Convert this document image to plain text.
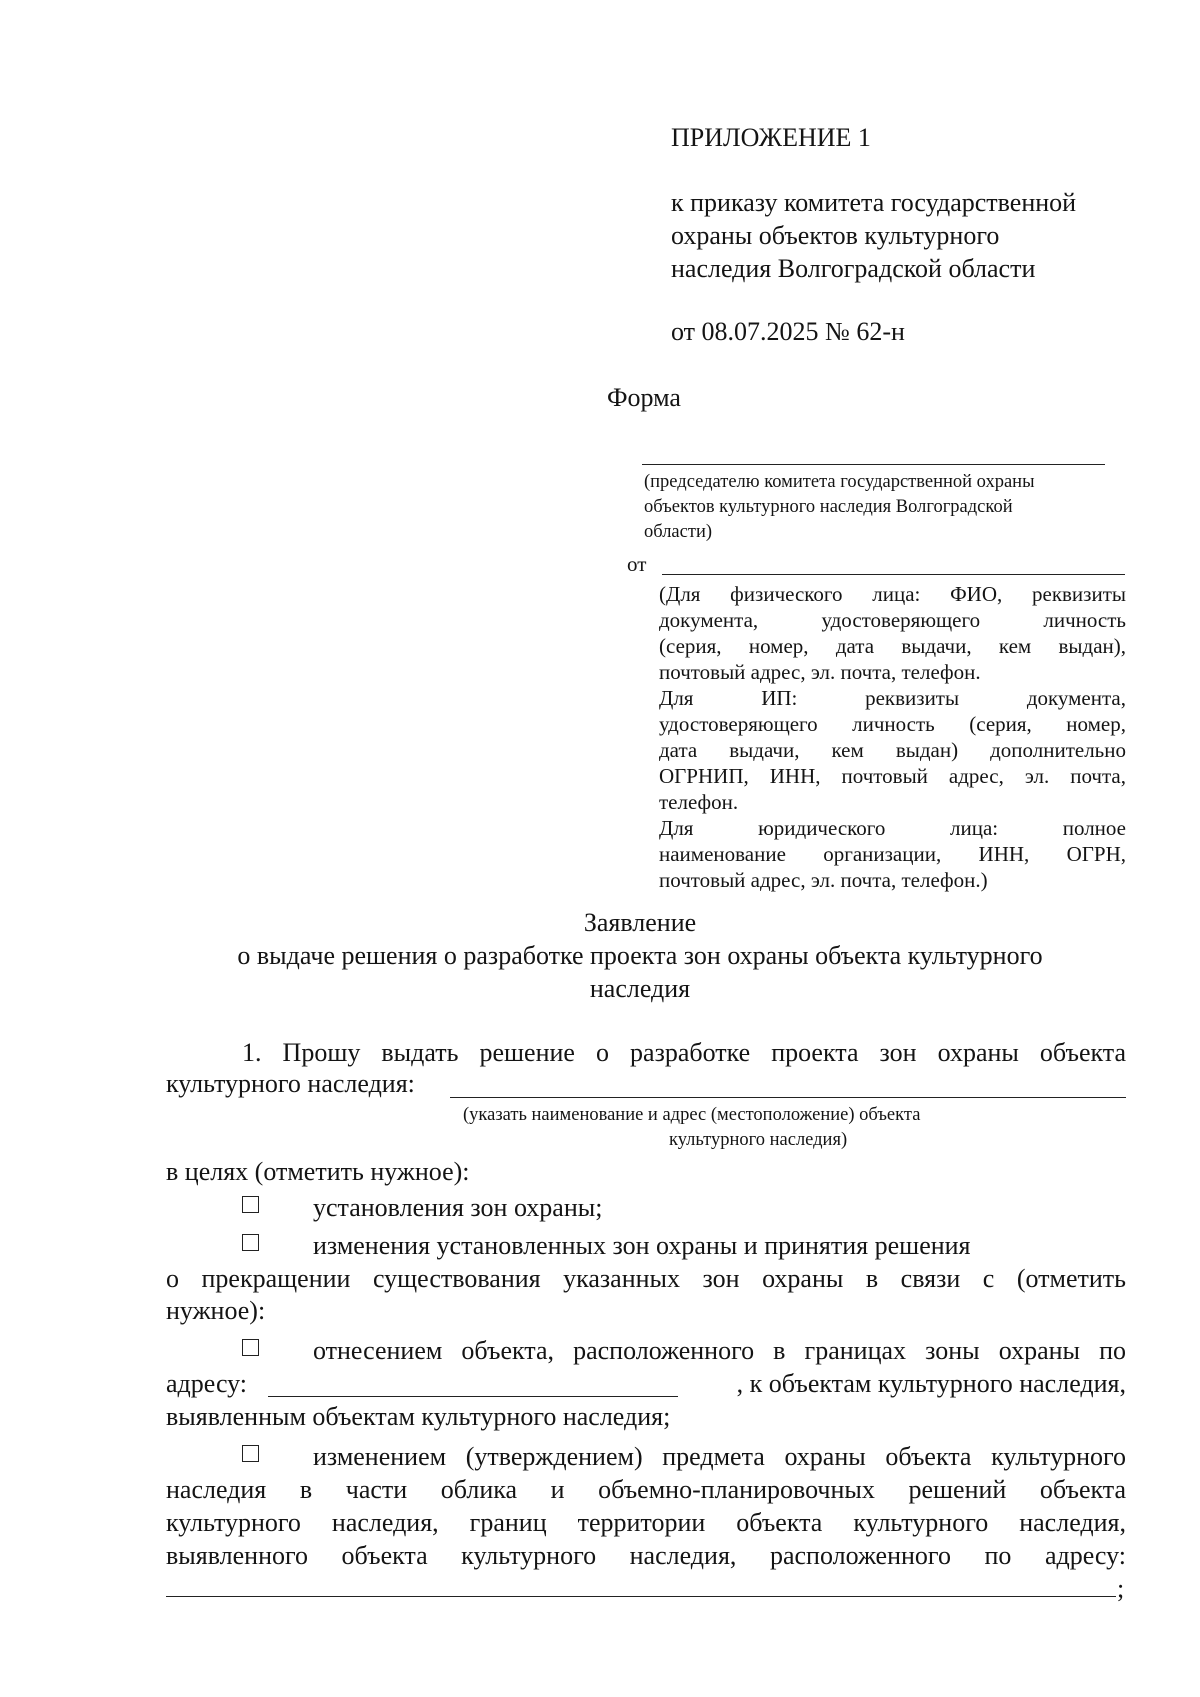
ПРИЛОЖЕНИЕ 1

к приказу комитета государственной

охраны объектов культурного

наследия Волгоградской области

от 08.07.2025 № 62-н

Форма

(председателю комитета государственной охраны

объектов культурного наследия Волгоградской

области)

от

(Для физического лица: ФИО, реквизиты
документа, удостоверяющего личность
(серия, номер, дата выдачи, кем выдан),
почтовый адрес, эл. почта, телефон.
Для ИП: реквизиты документа,
удостоверяющего личность (серия, номер,
дата выдачи, кем выдан) дополнительно
ОГРНИП, ИНН, почтовый адрес, эл. почта,
телефон.
Для юридического лица: полное
наименование организации, ИНН, ОГРН,
почтовый адрес, эл. почта, телефон.)
Заявление
о выдаче решения о разработке проекта зон охраны объекта культурного
наследия

1. Прошу выдать решение о разработке проекта зон охраны объекта

культурного наследия:

(указать наименование и адрес (местоположение) объекта

культурного наследия)

в целях (отметить нужное):

установления зон охраны;

изменения установленных зон охраны и принятия решения

о прекращении существования указанных зон охраны в связи с (отметить

нужное):

отнесением объекта, расположенного в границах зоны охраны по

адресу:	, к объектам культурного наследия,

выявленным объектам культурного наследия;

изменением (утверждением) предмета охраны объекта культурного

наследия в части облика и объемно-планировочных решений объекта

культурного наследия, границ территории объекта культурного наследия,

выявленного объекта культурного наследия, расположенного по адресу:

;
